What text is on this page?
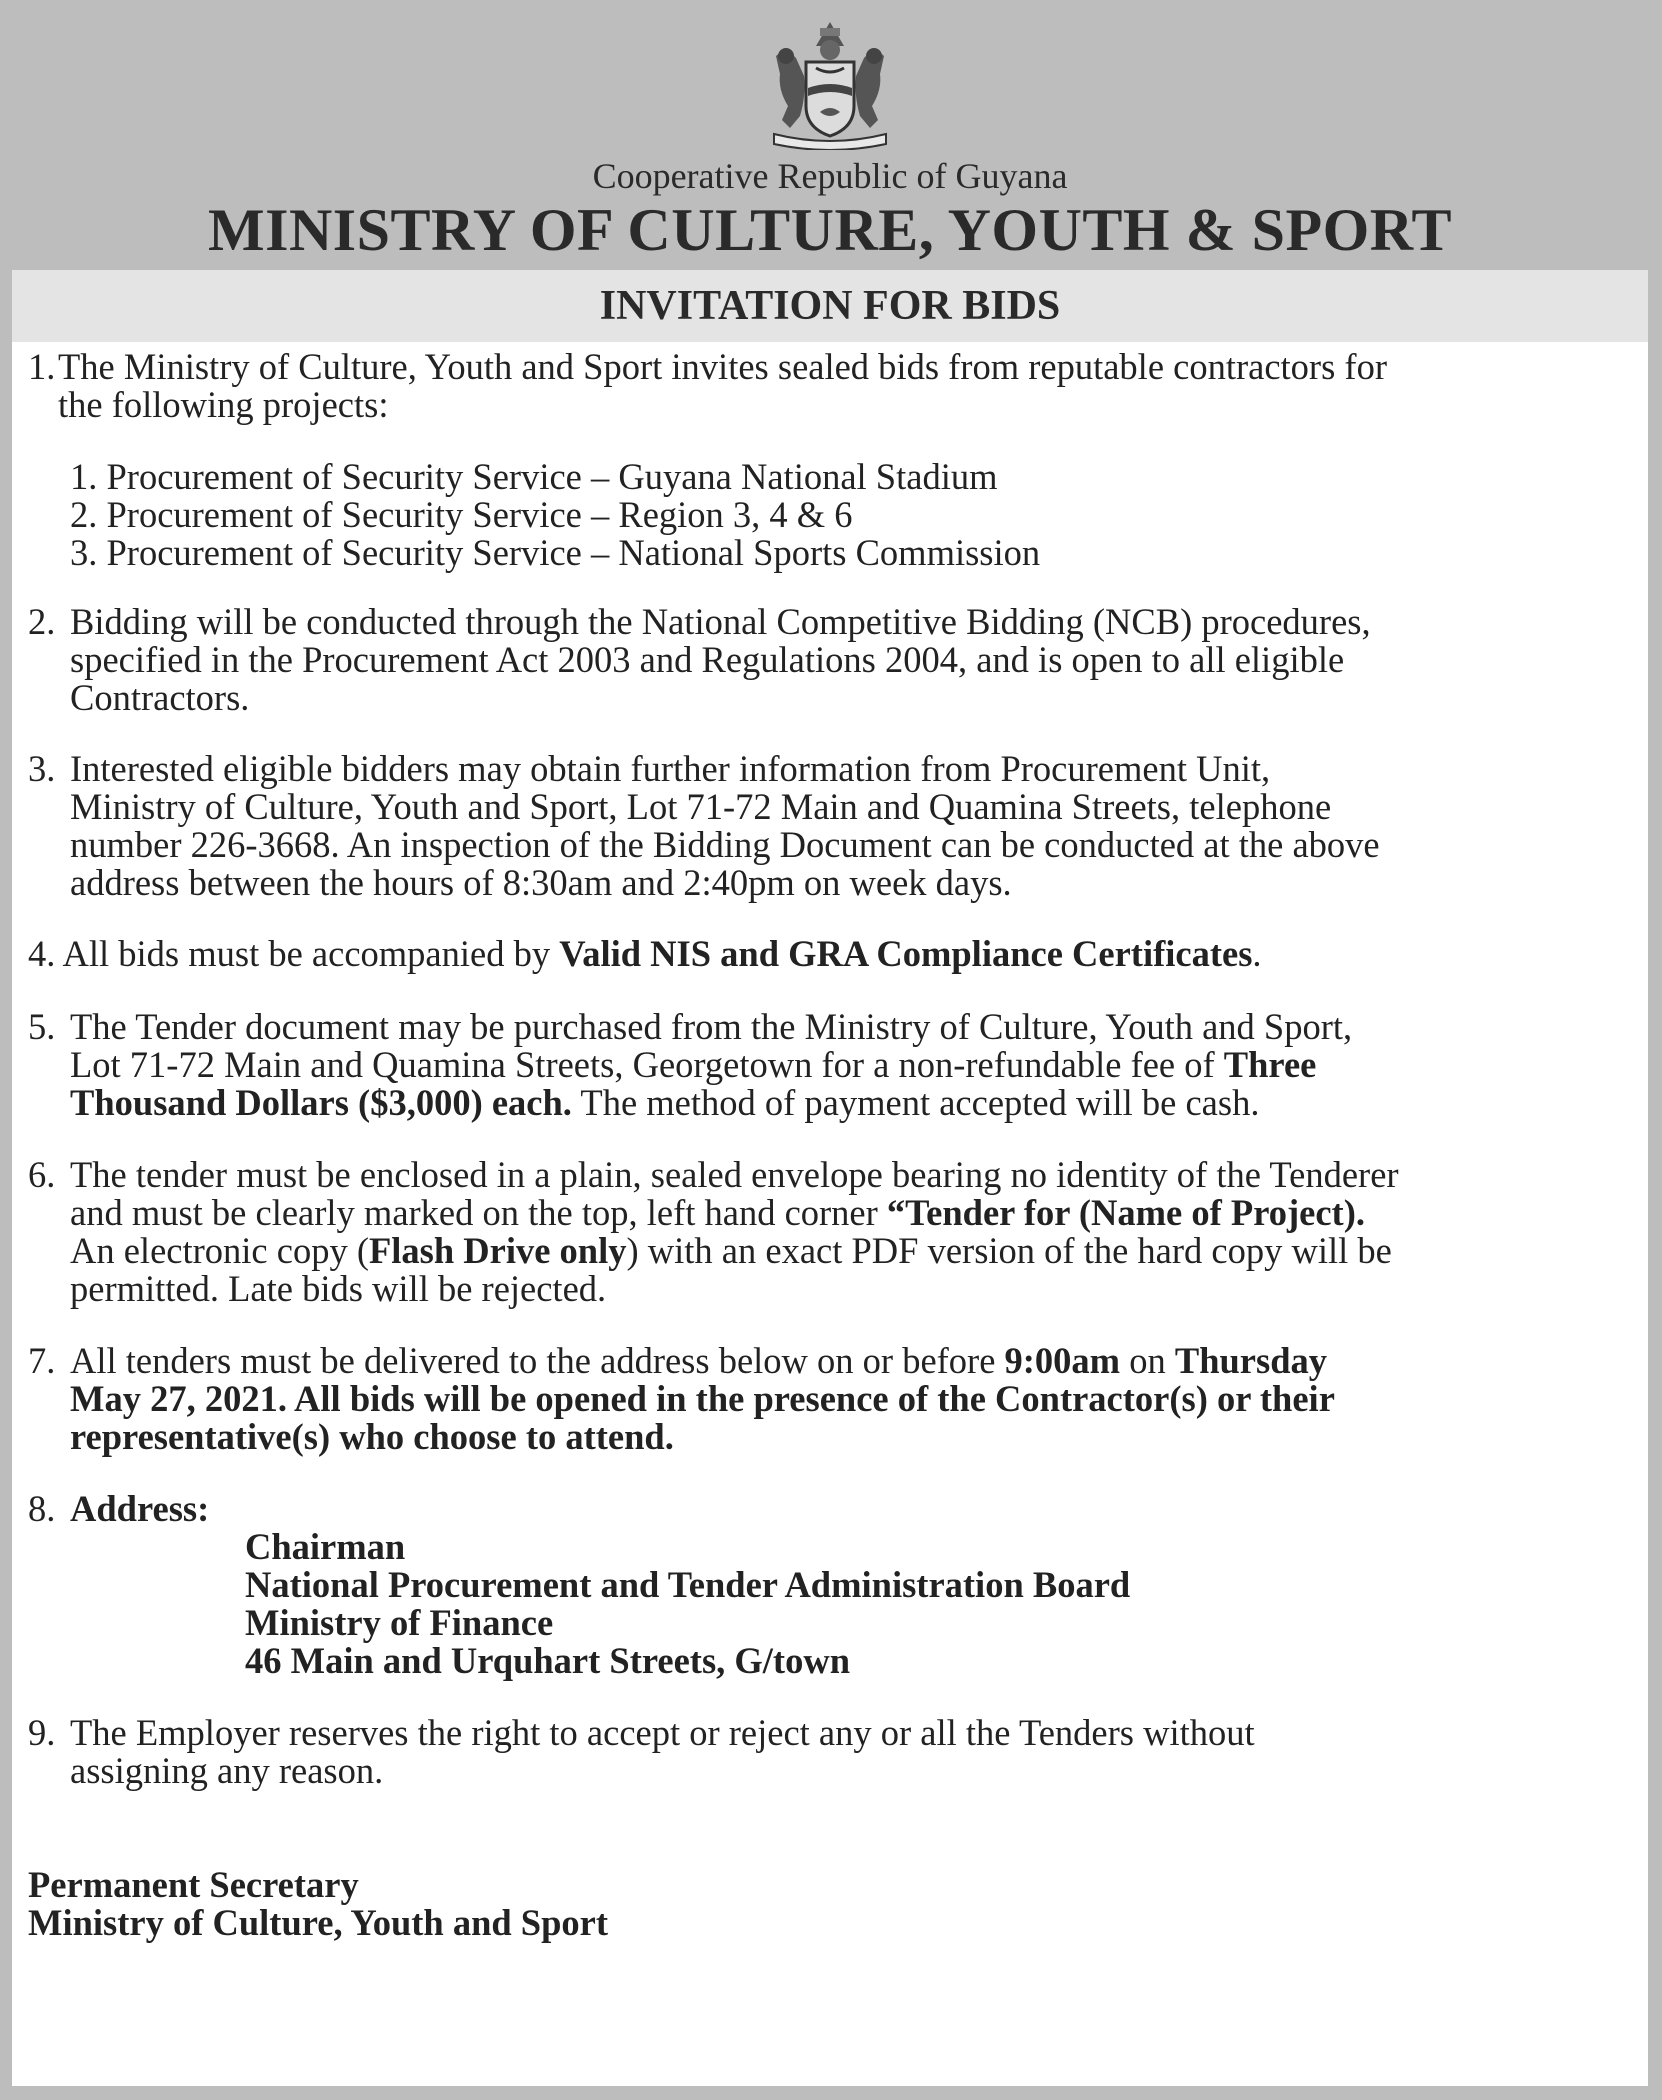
Cooperative Republic of Guyana
MINISTRY OF CULTURE, YOUTH & SPORT
INVITATION FOR BIDS
1. The Ministry of Culture, Youth and Sport invites sealed bids from reputable contractors for
the following projects:
1. Procurement of Security Service – Guyana National Stadium
2. Procurement of Security Service – Region 3, 4 & 6
3. Procurement of Security Service – National Sports Commission
2. Bidding will be conducted through the National Competitive Bidding (NCB) procedures,
specified in the Procurement Act 2003 and Regulations 2004, and is open to all eligible
Contractors.
3. Interested eligible bidders may obtain further information from Procurement Unit,
Ministry of Culture, Youth and Sport, Lot 71-72 Main and Quamina Streets, telephone
number 226-3668. An inspection of the Bidding Document can be conducted at the above
address between the hours of 8:30am and 2:40pm on week days.
4. All bids must be accompanied by Valid NIS and GRA Compliance Certificates.
5. The Tender document may be purchased from the Ministry of Culture, Youth and Sport,
Lot 71-72 Main and Quamina Streets, Georgetown for a non-refundable fee of Three
Thousand Dollars ($3,000) each. The method of payment accepted will be cash.
6. The tender must be enclosed in a plain, sealed envelope bearing no identity of the Tenderer
and must be clearly marked on the top, left hand corner “Tender for (Name of Project).
An electronic copy (Flash Drive only) with an exact PDF version of the hard copy will be
permitted. Late bids will be rejected.
7. All tenders must be delivered to the address below on or before 9:00am on Thursday
May 27, 2021. All bids will be opened in the presence of the Contractor(s) or their
representative(s) who choose to attend.
8. Address:
Chairman
National Procurement and Tender Administration Board
Ministry of Finance
46 Main and Urquhart Streets, G/town
9. The Employer reserves the right to accept or reject any or all the Tenders without
assigning any reason.
Permanent Secretary
Ministry of Culture, Youth and Sport
